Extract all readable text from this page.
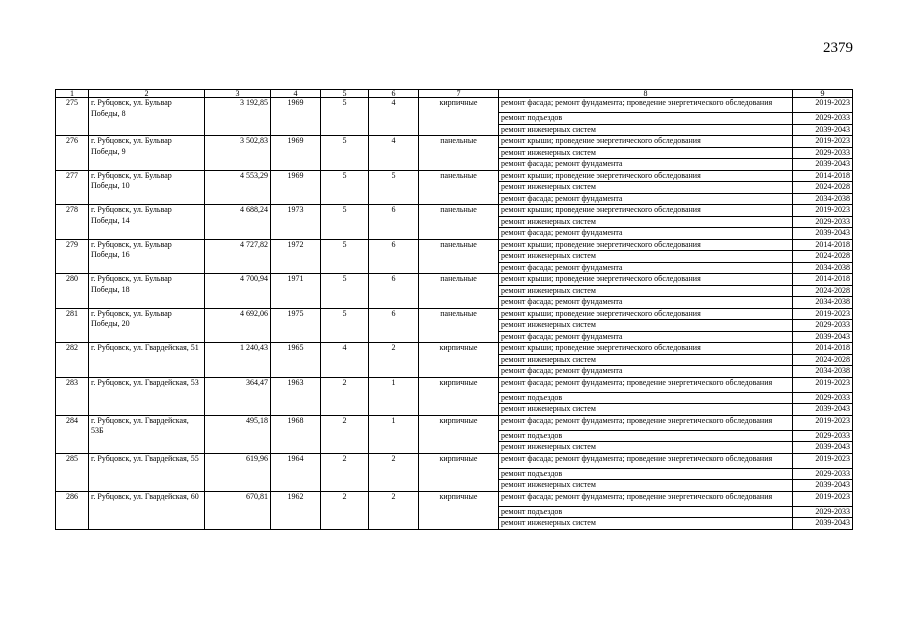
2379
1	2	3	4	5	6	7	8	9
275	г. Рубцовск, ул. Бульвар Победы, 8	3 192,85	1969	5	4	кирпичные	ремонт фасада; ремонт фундамента; проведение энергетического обследования	2019-2023
							ремонт подъездов	2029-2033
							ремонт инженерных систем	2039-2043
276	г. Рубцовск, ул. Бульвар Победы, 9	3 502,83	1969	5	4	панельные	ремонт крыши; проведение энергетического обследования	2019-2023
							ремонт инженерных систем	2029-2033
							ремонт фасада; ремонт фундамента	2039-2043
277	г. Рубцовск, ул. Бульвар Победы, 10	4 553,29	1969	5	5	панельные	ремонт крыши; проведение энергетического обследования	2014-2018
							ремонт инженерных систем	2024-2028
							ремонт фасада; ремонт фундамента	2034-2038
278	г. Рубцовск, ул. Бульвар Победы, 14	4 688,24	1973	5	6	панельные	ремонт крыши; проведение энергетического обследования	2019-2023
							ремонт инженерных систем	2029-2033
							ремонт фасада; ремонт фундамента	2039-2043
279	г. Рубцовск, ул. Бульвар Победы, 16	4 727,82	1972	5	6	панельные	ремонт крыши; проведение энергетического обследования	2014-2018
							ремонт инженерных систем	2024-2028
							ремонт фасада; ремонт фундамента	2034-2038
280	г. Рубцовск, ул. Бульвар Победы, 18	4 700,94	1971	5	6	панельные	ремонт крыши; проведение энергетического обследования	2014-2018
							ремонт инженерных систем	2024-2028
							ремонт фасада; ремонт фундамента	2034-2038
281	г. Рубцовск, ул. Бульвар Победы, 20	4 692,06	1975	5	6	панельные	ремонт крыши; проведение энергетического обследования	2019-2023
							ремонт инженерных систем	2029-2033
							ремонт фасада; ремонт фундамента	2039-2043
282	г. Рубцовск, ул. Гвардейская, 51	1 240,43	1965	4	2	кирпичные	ремонт крыши; проведение энергетического обследования	2014-2018
							ремонт инженерных систем	2024-2028
							ремонт фасада; ремонт фундамента	2034-2038
283	г. Рубцовск, ул. Гвардейская, 53	364,47	1963	2	1	кирпичные	ремонт фасада; ремонт фундамента; проведение энергетического обследования	2019-2023
							ремонт подъездов	2029-2033
							ремонт инженерных систем	2039-2043
284	г. Рубцовск, ул. Гвардейская, 53Б	495,18	1968	2	1	кирпичные	ремонт фасада; ремонт фундамента; проведение энергетического обследования	2019-2023
							ремонт подъездов	2029-2033
							ремонт инженерных систем	2039-2043
285	г. Рубцовск, ул. Гвардейская, 55	619,96	1964	2	2	кирпичные	ремонт фасада; ремонт фундамента; проведение энергетического обследования	2019-2023
							ремонт подъездов	2029-2033
							ремонт инженерных систем	2039-2043
286	г. Рубцовск, ул. Гвардейская, 60	670,81	1962	2	2	кирпичные	ремонт фасада; ремонт фундамента; проведение энергетического обследования	2019-2023
							ремонт подъездов	2029-2033
							ремонт инженерных систем	2039-2043
